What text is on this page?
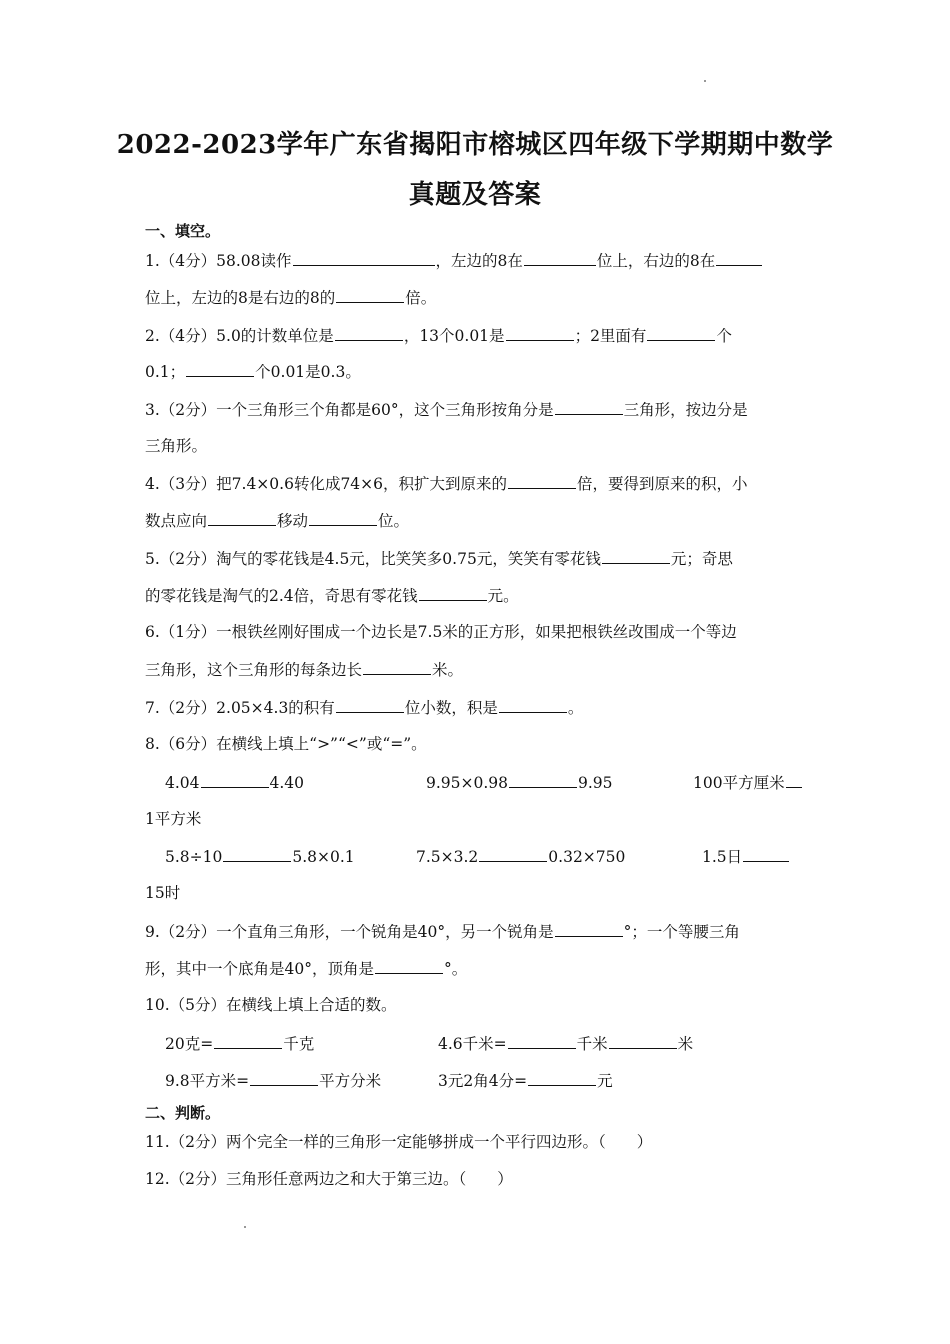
2022-2023学年广东省揭阳市榕城区四年级下学期期中数学
真题及答案
一、填空。
1.（4分）58.08读作	，左边的8在	位上，右边的8在
位上，左边的8是右边的8的	倍。
2.（4分）5.0的计数单位是	，13个0.01是	；2里面有	个
0.1；	个0.01是0.3。
3.（2分）一个三角形三个角都是60°，这个三角形按角分是	三角形，按边分是
三角形。
4.（3分）把7.4×0.6转化成74×6，积扩大到原来的	倍，要得到原来的积，小
数点应向	移动	位。
5.（2分）淘气的零花钱是4.5元，比笑笑多0.75元，笑笑有零花钱	元；奇思
的零花钱是淘气的2.4倍，奇思有零花钱	元。
6.（1分）一根铁丝刚好围成一个边长是7.5米的正方形，如果把根铁丝改围成一个等边
三角形，这个三角形的每条边长	米。
7.（2分）2.05×4.3的积有	位小数，积是	。
8.（6分）在横线上填上“>”“<”或“=”。
4.04	4.40	9.95×0.98	9.95	100平方厘米
1平方米
5.8÷10	5.8×0.1	7.5×3.2	0.32×750	1.5日
15时
9.（2分）一个直角三角形，一个锐角是40°，另一个锐角是	°；一个等腰三角
形，其中一个底角是40°，顶角是	°。
10.（5分）在横线上填上合适的数。
20克=	千克	4.6千米=	千米	米
9.8平方米=	平方分米	3元2角4分=	元
二、判断。
11.（2分）两个完全一样的三角形一定能够拼成一个平行四边形。（　　）
12.（2分）三角形任意两边之和大于第三边。（　　）
